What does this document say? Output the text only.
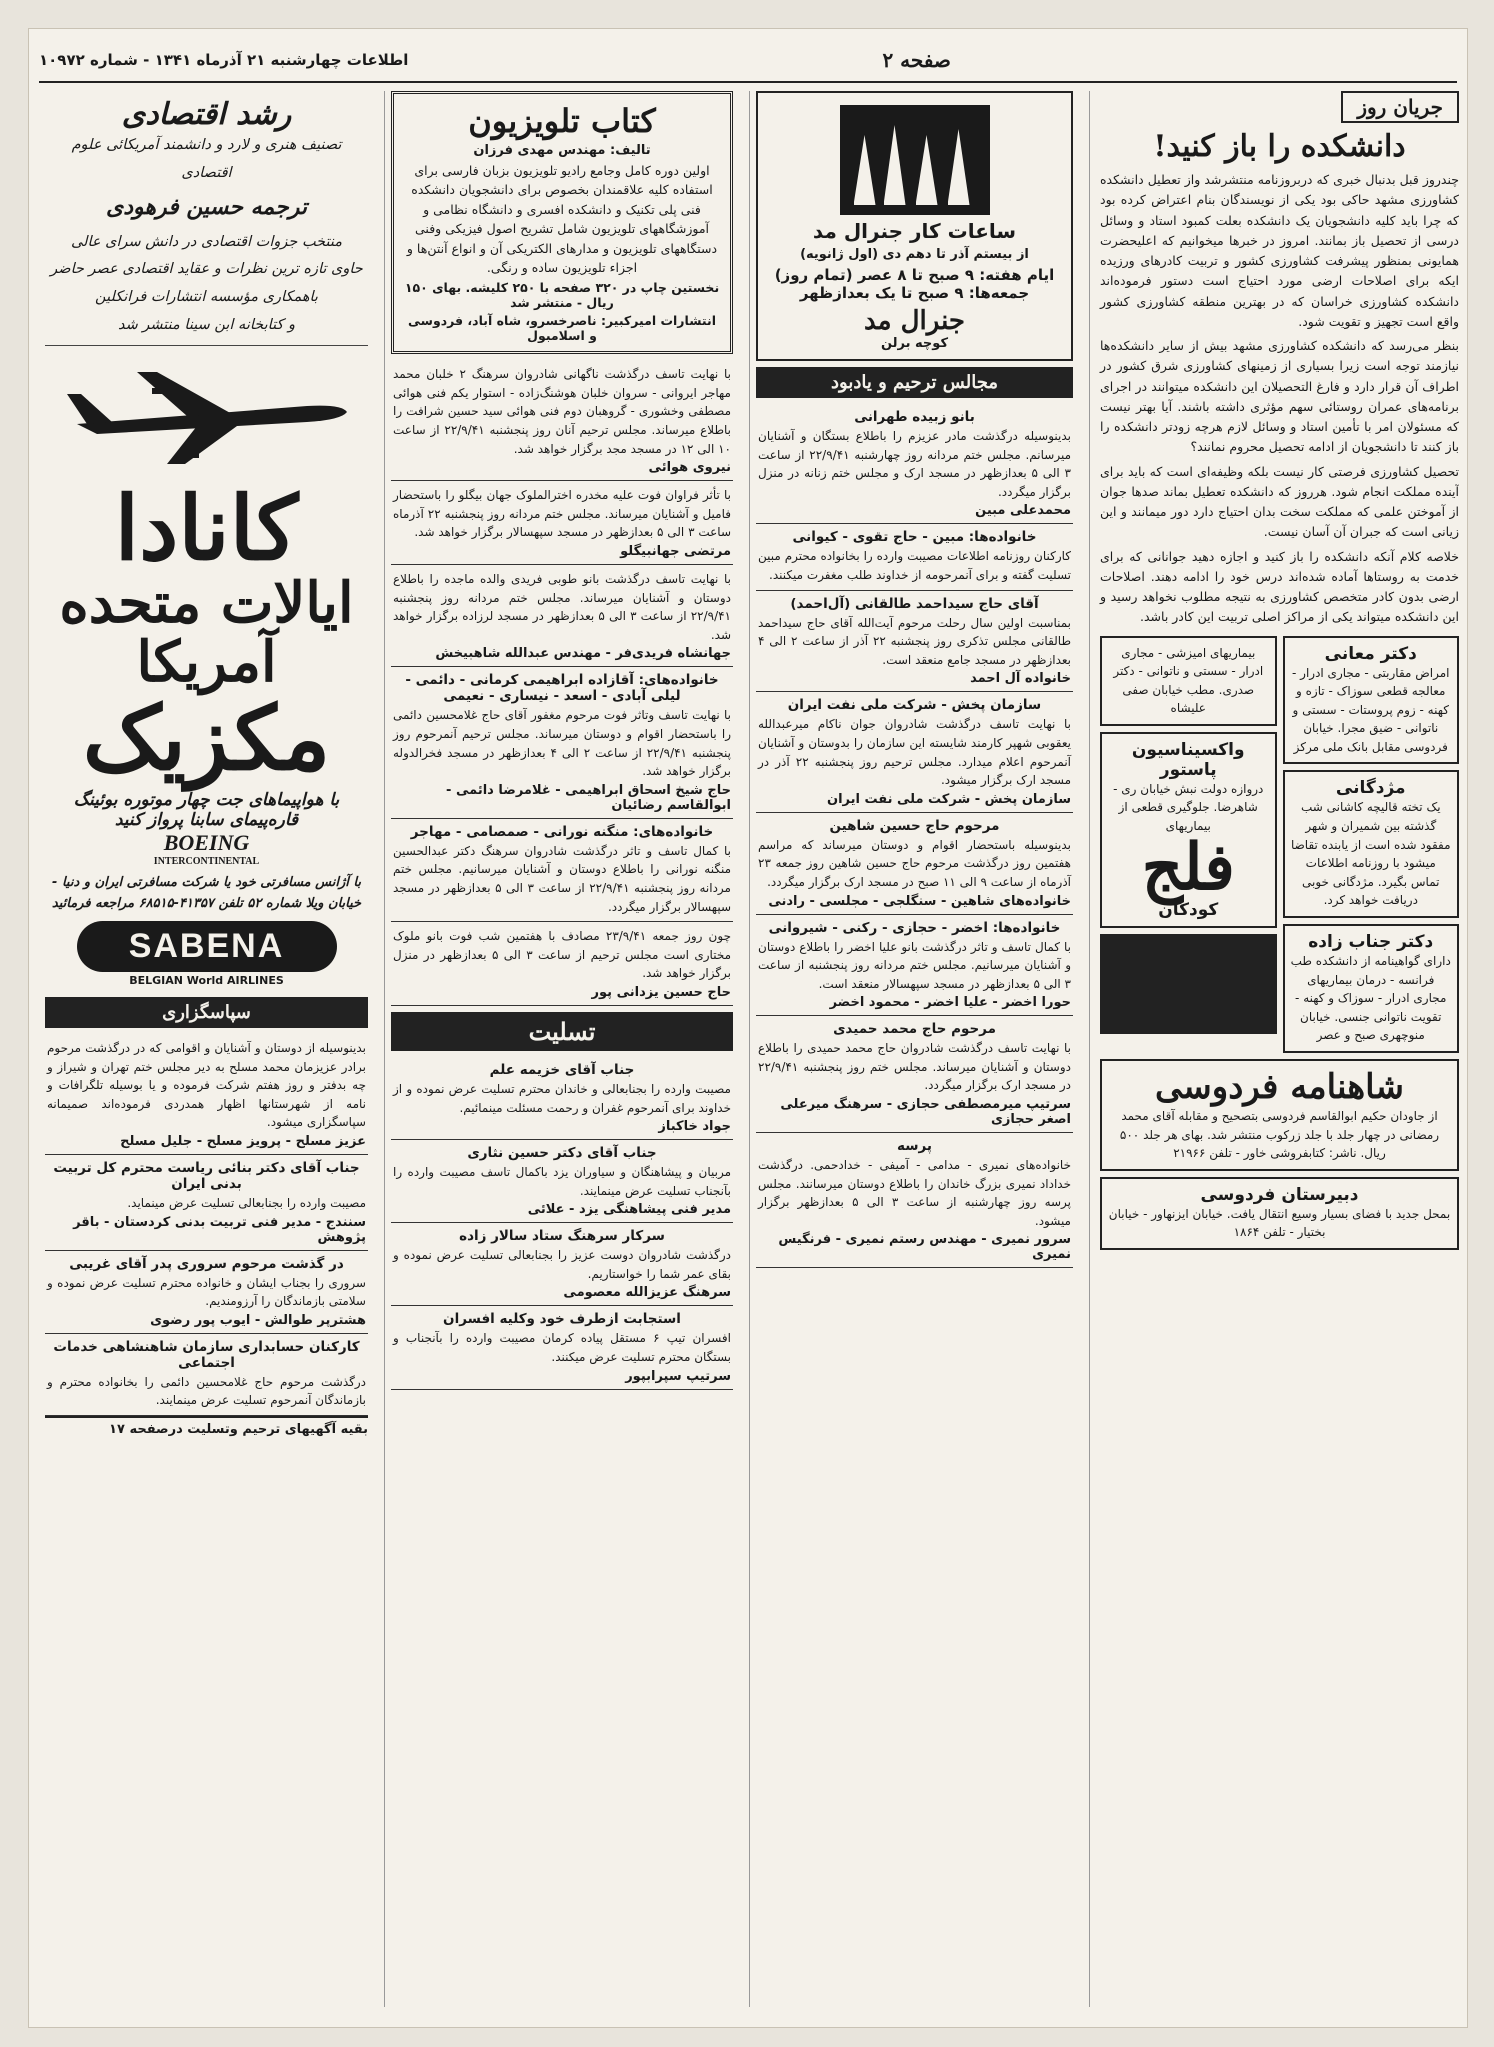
صفحه ۲
اطلاعات چهارشنبه ۲۱ آذرماه ۱۳۴۱ - شماره ۱۰۹۷۲
جریان روز
دانشکده را باز کنید!

چندروز قبل بدنبال خبری که دربروزنامه منتشرشد واز تعطیل دانشکده کشاورزی مشهد حاکی بود یکی از نویسندگان بنام اعتراض کرده بود که چرا باید کلیه دانشجویان یک دانشکده بعلت کمبود استاد و وسائل درسی از تحصیل باز بمانند. امروز در خبرها میخوانیم که اعلیحضرت همایونی بمنظور پیشرفت کشاورزی کشور و تربیت کادرهای ورزیده ایکه برای اصلاحات ارضی مورد احتیاج است دستور فرموده‌اند دانشکده کشاورزی خراسان که در بهترین منطقه کشاورزی کشور واقع است تجهیز و تقویت شود.

بنظر می‌رسد که دانشکده کشاورزی مشهد بیش از سایر دانشکده‌ها نیازمند توجه است زیرا بسیاری از زمینهای کشاورزی شرق کشور در اطراف آن قرار دارد و فارغ التحصیلان این دانشکده میتوانند در اجرای برنامه‌های عمران روستائی سهم مؤثری داشته باشند. آیا بهتر نیست که مسئولان امر با تأمین استاد و وسائل لازم هرچه زودتر دانشکده را باز کنند تا دانشجویان از ادامه تحصیل محروم نمانند؟

تحصیل کشاورزی فرصتی کار نیست بلکه وظیفه‌ای است که باید برای آینده مملکت انجام شود. هرروز که دانشکده تعطیل بماند صدها جوان از آموختن علمی که مملکت سخت بدان احتیاج دارد دور میمانند و این زیانی است که جبران آن آسان نیست.

خلاصه کلام آنکه دانشکده را باز کنید و اجازه دهید جوانانی که برای خدمت به روستاها آماده شده‌اند درس خود را ادامه دهند. اصلاحات ارضی بدون کادر متخصص کشاورزی به نتیجه مطلوب نخواهد رسید و این دانشکده میتواند یکی از مراکز اصلی تربیت این کادر باشد.

دکتر معانی
امراض مقاربتی - مجاری ادرار - معالجه قطعی سوزاک - تازه و کهنه - زوم پروستات - سستی و ناتوانی - ضیق مجرا. خیابان فردوسی مقابل بانک ملی مرکز
مژدگانی
یک تخته قالیچه کاشانی شب گذشته بین شمیران و شهر مفقود شده است از یابنده تقاضا میشود با روزنامه اطلاعات تماس بگیرد. مژدگانی خوبی دریافت خواهد کرد.
دکتر جناب زاده
دارای گواهینامه از دانشکده طب فرانسه - درمان بیماریهای مجاری ادرار - سوزاک و کهنه - تقویت ناتوانی جنسی. خیابان منوچهری صبح و عصر
بیماریهای امیزشی - مجاری ادرار - سستی و ناتوانی - دکتر صدری. مطب خیابان صفی علیشاه
واکسیناسیون پاستور
دروازه دولت نبش خیابان ری - شاهرضا. جلوگیری قطعی از بیماریهای
فلج
کودکان
شاهنامه فردوسی
از جاودان حکیم ابوالقاسم فردوسی بتصحیح و مقابله آقای محمد رمضانی در چهار جلد با جلد زرکوب منتشر شد. بهای هر جلد ۵۰۰ ریال. ناشر: کتابفروشی خاور - تلفن ۲۱۹۶۶
دبیرستان فردوسی
بمحل جدید با فضای بسیار وسیع انتقال یافت. خیابان ایزنهاور - خیابان بختیار - تلفن ۱۸۶۴
ساعات کار جنرال مد
از بیستم آذر تا دهم دی (اول ژانویه)
ایام هفته: ۹ صبح تا ۸ عصر (تمام روز)
جمعه‌ها: ۹ صبح تا یک بعدازظهر
جنرال مد
کوچه برلن
مجالس ترحیم و یادبود
بانو زبیده طهرانی
بدینوسیله درگذشت مادر عزیزم را باطلاع بستگان و آشنایان میرسانم. مجلس ختم مردانه روز چهارشنبه ۲۲/۹/۴۱ از ساعت ۳ الی ۵ بعدازظهر در مسجد ارک و مجلس ختم زنانه در منزل برگزار میگردد.
محمدعلی مبین
خانواده‌ها: مبین - حاج تقوی - کیوانی
کارکنان روزنامه اطلاعات مصیبت وارده را بخانواده محترم مبین تسلیت گفته و برای آنمرحومه از خداوند طلب مغفرت میکنند.
آقای حاج سیداحمد طالقانی (آل‌احمد)
بمناسبت اولین سال رحلت مرحوم آیت‌الله آقای حاج سیداحمد طالقانی مجلس تذکری روز پنجشنبه ۲۲ آذر از ساعت ۲ الی ۴ بعدازظهر در مسجد جامع منعقد است.
خانواده آل احمد
سازمان پخش - شرکت ملی نفت ایران
با نهایت تاسف درگذشت شادروان جوان ناکام میرعبدالله یعقوبی شهپر کارمند شایسته این سازمان را بدوستان و آشنایان آنمرحوم اعلام میدارد. مجلس ترحیم روز پنجشنبه ۲۲ آذر در مسجد ارک برگزار میشود.
سازمان پخش - شرکت ملی نفت ایران
مرحوم حاج حسین شاهین
بدینوسیله باستحضار اقوام و دوستان میرساند که مراسم هفتمین روز درگذشت مرحوم حاج حسین شاهین روز جمعه ۲۳ آذرماه از ساعت ۹ الی ۱۱ صبح در مسجد ارک برگزار میگردد.
خانواده‌های شاهین - سنگلجی - مجلسی - رادنی
خانواده‌ها: اخضر - حجازی - رکنی - شیروانی
با کمال تاسف و تاثر درگذشت بانو علیا اخضر را باطلاع دوستان و آشنایان میرسانیم. مجلس ختم مردانه روز پنجشنبه از ساعت ۳ الی ۵ بعدازظهر در مسجد سپهسالار منعقد است.
حورا اخضر - علیا اخضر - محمود اخضر
مرحوم حاج محمد حمیدی
با نهایت تاسف درگذشت شادروان حاج محمد حمیدی را باطلاع دوستان و آشنایان میرساند. مجلس ختم روز پنجشنبه ۲۲/۹/۴۱ در مسجد ارک برگزار میگردد.
سرتیپ میرمصطفی حجازی - سرهنگ میرعلی اصغر حجازی
پرسه
خانواده‌های نمیری - مدامی - آمیفی - خدادحمی. درگذشت خداداد نمیری بزرگ خاندان را باطلاع دوستان میرسانند. مجلس پرسه روز چهارشنبه از ساعت ۳ الی ۵ بعدازظهر برگزار میشود.
سرور نمیری - مهندس رستم نمیری - فرنگیس نمیری
کتاب تلویزیون
تالیف: مهندس مهدی فرزان
اولین دوره کامل وجامع رادیو تلویزیون بزبان فارسی برای استفاده کلیه علاقمندان بخصوص برای دانشجویان دانشکده فنی پلی تکنیک و دانشکده افسری و دانشگاه نظامی و آموزشگاههای تلویزیون شامل تشریح اصول فیزیکی وفنی دستگاههای تلویزیون و مدارهای الکتریکی آن و انواع آنتن‌ها و اجزاء تلویزیون ساده و رنگی.
نخستین چاپ در ۳۲۰ صفحه با ۲۵۰ کلیشه. بهای ۱۵۰ ریال - منتشر شد
انتشارات امیرکبیر: ناصرخسرو، شاه آباد، فردوسی و اسلامبول
با نهایت تاسف درگذشت ناگهانی شادروان سرهنگ ۲ خلبان محمد مهاجر ایروانی - سروان خلبان هوشنگ‌زاده - استوار یکم فنی هوائی مصطفی وخشوری - گروهبان دوم فنی هوائی سید حسین شرافت را باطلاع میرساند. مجلس ترحیم آنان روز پنجشنبه ۲۲/۹/۴۱ از ساعت ۱۰ الی ۱۲ در مسجد مجد برگزار خواهد شد.
نیروی هوائی
با تأثر فراوان فوت علیه مخدره اخترالملوک جهان بیگلو را باستحضار فامیل و آشنایان میرساند. مجلس ختم مردانه روز پنجشنبه ۲۲ آذرماه ساعت ۳ الی ۵ بعدازظهر در مسجد سپهسالار برگزار خواهد شد.
مرتضی جهانبیگلو
با نهایت تاسف درگذشت بانو طوبی فریدی والده ماجده را باطلاع دوستان و آشنایان میرساند. مجلس ختم مردانه روز پنجشنبه ۲۲/۹/۴۱ از ساعت ۳ الی ۵ بعدازظهر در مسجد لرزاده برگزار خواهد شد.
جهانشاه فریدی‌فر - مهندس عبدالله شاهبیخش
خانواده‌های: آقازاده ابراهیمی کرمانی - دائمی - لیلی آبادی - اسعد - نیساری - نعیمی
با نهایت تاسف وتاثر فوت مرحوم مغفور آقای حاج غلامحسین دائمی را باستحضار اقوام و دوستان میرساند. مجلس ترحیم آنمرحوم روز پنجشنبه ۲۲/۹/۴۱ از ساعت ۲ الی ۴ بعدازظهر در مسجد فخرالدوله برگزار خواهد شد.
حاج شیخ اسحاق ابراهیمی - غلامرضا دائمی - ابوالقاسم رضائیان
خانواده‌های: منگنه نورانی - صمصامی - مهاجر
با کمال تاسف و تاثر درگذشت شادروان سرهنگ دکتر عبدالحسین منگنه نورانی را باطلاع دوستان و آشنایان میرسانیم. مجلس ختم مردانه روز پنجشنبه ۲۲/۹/۴۱ از ساعت ۳ الی ۵ بعدازظهر در مسجد سپهسالار برگزار میگردد.
چون روز جمعه ۲۳/۹/۴۱ مصادف با هفتمین شب فوت بانو ملوک مختاری است مجلس ترحیم از ساعت ۳ الی ۵ بعدازظهر در منزل برگزار خواهد شد.
حاج حسین یزدانی پور
تسلیت
جناب آقای خزیمه علم
مصیبت وارده را بجنابعالی و خاندان محترم تسلیت عرض نموده و از خداوند برای آنمرحوم غفران و رحمت مسئلت مینمائیم.
جواد خاکباز
جناب آقای دکتر حسین نثاری
مربیان و پیشاهنگان و سیاوران یزد باکمال تاسف مصیبت وارده را بآنجناب تسلیت عرض مینمایند.
مدیر فنی پیشاهنگی یزد - علائی
سرکار سرهنگ ستاد سالار زاده
درگذشت شادروان دوست عزیز را بجنابعالی تسلیت عرض نموده و بقای عمر شما را خواستاریم.
سرهنگ عزیزالله معصومی
استجابت ازطرف خود وکلیه افسران
افسران تیپ ۶ مستقل پیاده کرمان مصیبت وارده را بآنجناب و بستگان محترم تسلیت عرض میکنند.
سرتیپ سپرابپور
رشد اقتصادی
تصنیف هنری و لارد و دانشمند آمریکائی علوم اقتصادی
ترجمه حسین فرهودی
منتخب جزوات اقتصادی در دانش سرای عالی
حاوی تازه ترین نظرات و عقاید اقتصادی عصر حاضر
باهمکاری مؤسسه انتشارات فرانکلین
و کتابخانه ابن سینا منتشر شد
کانادا
ایالات متحده آمریکا
مکزیک
با هواپیماهای جت چهار موتوره بوئینگ
قاره‌پیمای سابنا پرواز کنید
BOEING
INTERCONTINENTAL
با آژانس مسافرتی خود یا شرکت مسافرتی ایران و دنیا - خیابان ویلا شماره ۵۲ تلفن ۴۱۳۵۷-۶۸۵۱۵ مراجعه فرمائید
SABENA
BELGIAN World AIRLINES
سپاسگزاری
بدینوسیله از دوستان و آشنایان و اقوامی که در درگذشت مرحوم برادر عزیزمان محمد مسلح به دیر مجلس ختم تهران و شیراز و چه بدفتر و روز هفتم شرکت فرموده و یا بوسیله تلگرافات و نامه از شهرستانها اظهار همدردی فرموده‌اند صمیمانه سپاسگزاری میشود.
عزیز مسلح - پرویز مسلح - جلیل مسلح
جناب آقای دکتر بنائی ریاست محترم کل تربیت بدنی ایران
مصیبت وارده را بجنابعالی تسلیت عرض مینماید.
سنندج - مدیر فنی تربیت بدنی کردستان - باقر پژوهش
در گذشت مرحوم سروری پدر آقای غریبی
سروری را بجناب ایشان و خانواده محترم تسلیت عرض نموده و سلامتی بازماندگان را آرزومندیم.
هشترپر طوالش - ایوب پور رضوی
کارکنان حسابداری سازمان شاهنشاهی خدمات اجتماعی
درگذشت مرحوم حاج غلامحسین دائمی را بخانواده محترم و بازماندگان آنمرحوم تسلیت عرض مینمایند.
بقیه آگهیهای ترحیم وتسلیت درصفحه ۱۷
